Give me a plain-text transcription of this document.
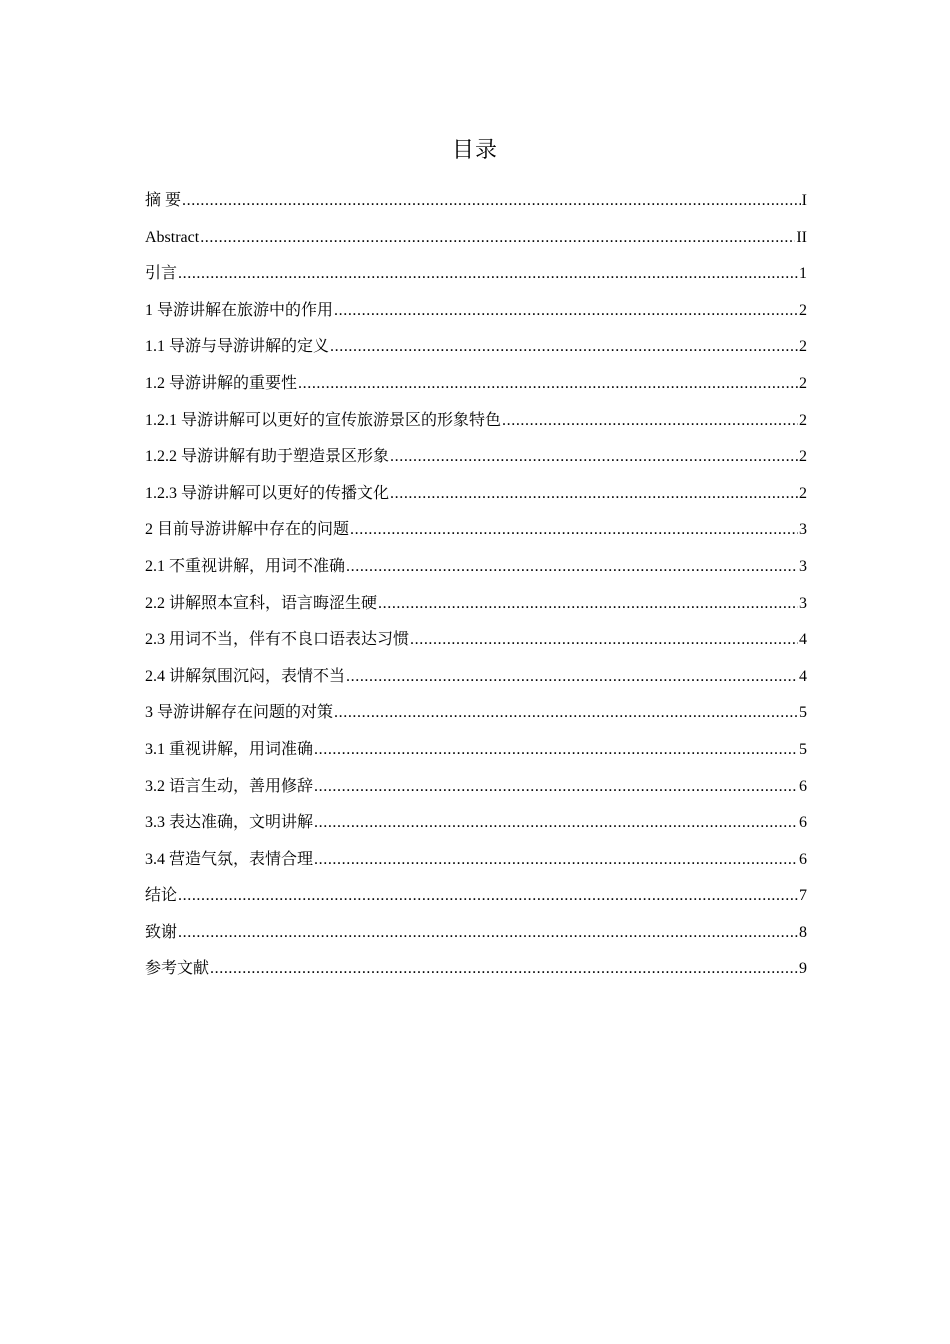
目录
摘 要 .....	I
Abstract .....	II
引言 .....	1
1 导游讲解在旅游中的作用 .....	2
1.1 导游与导游讲解的定义 .....	2
1.2 导游讲解的重要性 .....	2
1.2.1 导游讲解可以更好的宣传旅游景区的形象特色 .....	2
1.2.2 导游讲解有助于塑造景区形象 .....	2
1.2.3 导游讲解可以更好的传播文化 .....	2
2 目前导游讲解中存在的问题 .....	3
2.1 不重视讲解，用词不准确 .....	3
2.2 讲解照本宣科，语言晦涩生硬 .....	3
2.3 用词不当，伴有不良口语表达习惯 .....	4
2.4 讲解氛围沉闷，表情不当 .....	4
3 导游讲解存在问题的对策 .....	5
3.1 重视讲解，用词准确 .....	5
3.2 语言生动，善用修辞 .....	6
3.3 表达准确，文明讲解 .....	6
3.4 营造气氛，表情合理 .....	6
结论 .....	7
致谢 .....	8
参考文献 .....	9
